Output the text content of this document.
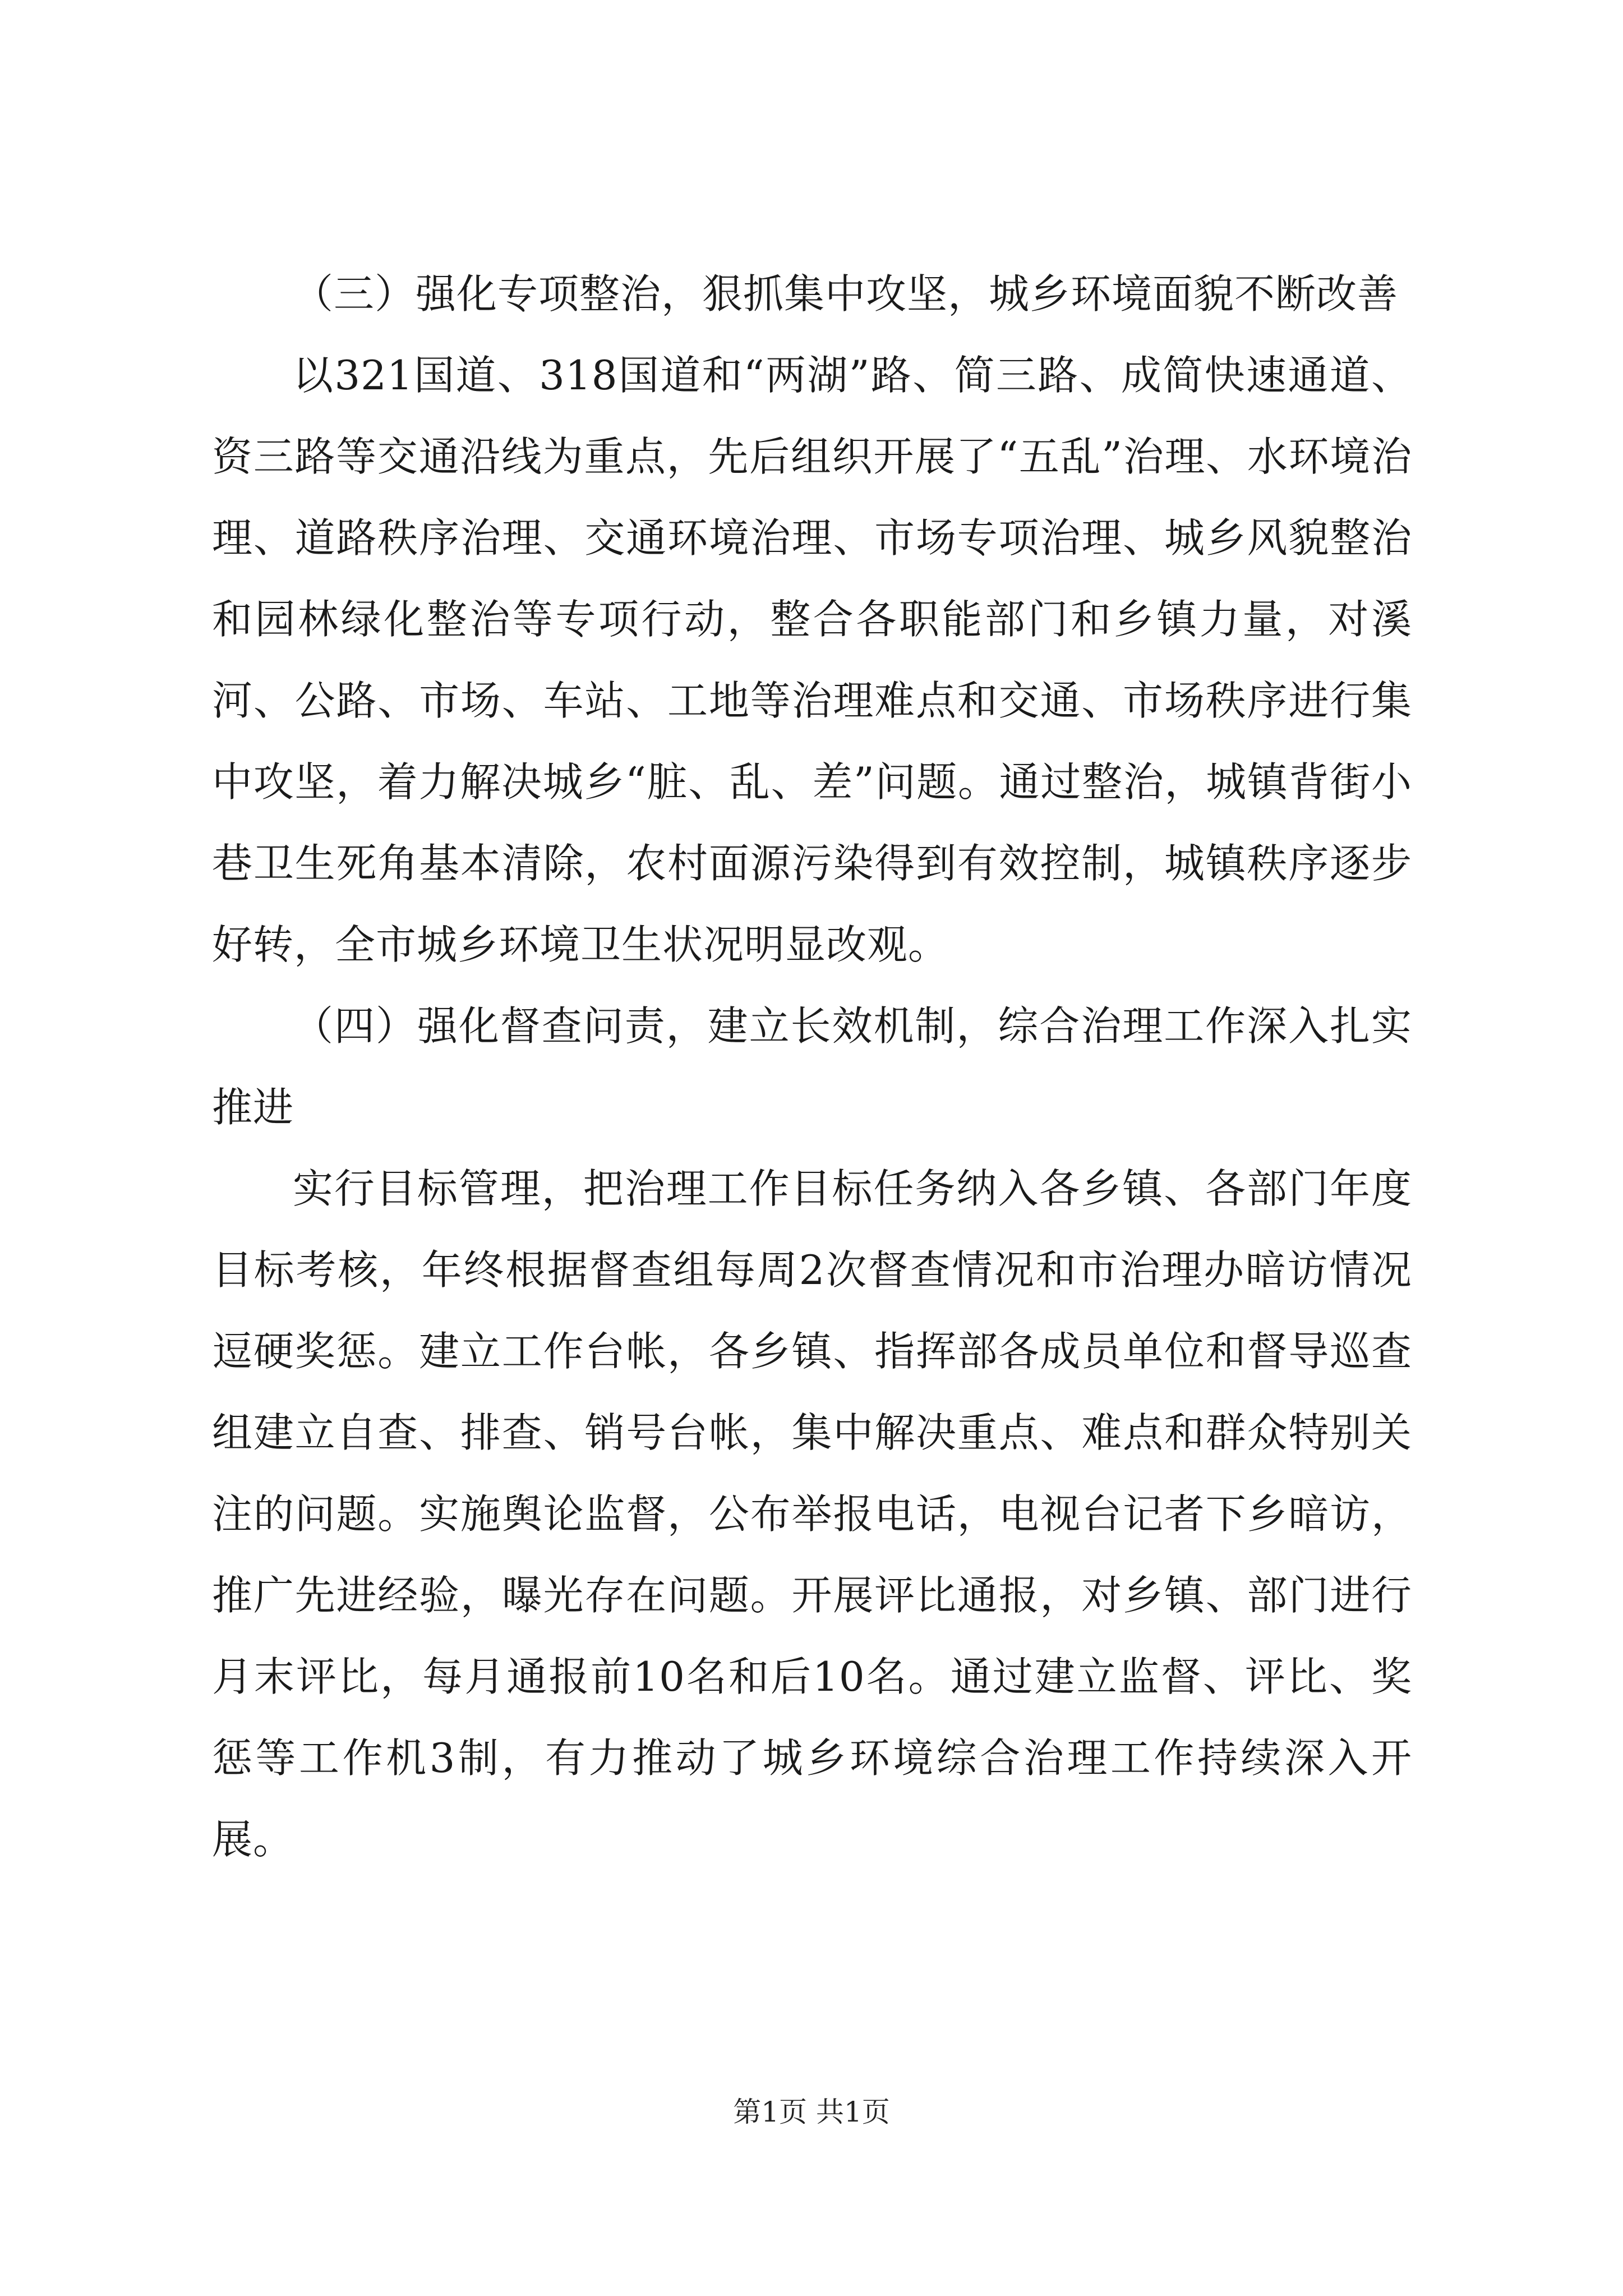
（三）强化专项整治，狠抓集中攻坚，城乡环境面貌不断改善

以321国道、318国道和“两湖”路、简三路、成简快速通道、资三路等交通沿线为重点，先后组织开展了“五乱”治理、水环境治理、道路秩序治理、交通环境治理、市场专项治理、城乡风貌整治和园林绿化整治等专项行动，整合各职能部门和乡镇力量，对溪河、公路、市场、车站、工地等治理难点和交通、市场秩序进行集中攻坚，着力解决城乡“脏、乱、差”问题。通过整治，城镇背街小巷卫生死角基本清除，农村面源污染得到有效控制，城镇秩序逐步好转，全市城乡环境卫生状况明显改观。

（四）强化督查问责，建立长效机制，综合治理工作深入扎实推进

实行目标管理，把治理工作目标任务纳入各乡镇、各部门年度目标考核，年终根据督查组每周2次督查情况和市治理办暗访情况逗硬奖惩。建立工作台帐，各乡镇、指挥部各成员单位和督导巡查组建立自查、排查、销号台帐，集中解决重点、难点和群众特别关注的问题。实施舆论监督，公布举报电话，电视台记者下乡暗访，推广先进经验，曝光存在问题。开展评比通报，对乡镇、部门进行月末评比，每月通报前10名和后10名。通过建立监督、评比、奖惩等工作机3制，有力推动了城乡环境综合治理工作持续深入开展。

第1页 共1页
